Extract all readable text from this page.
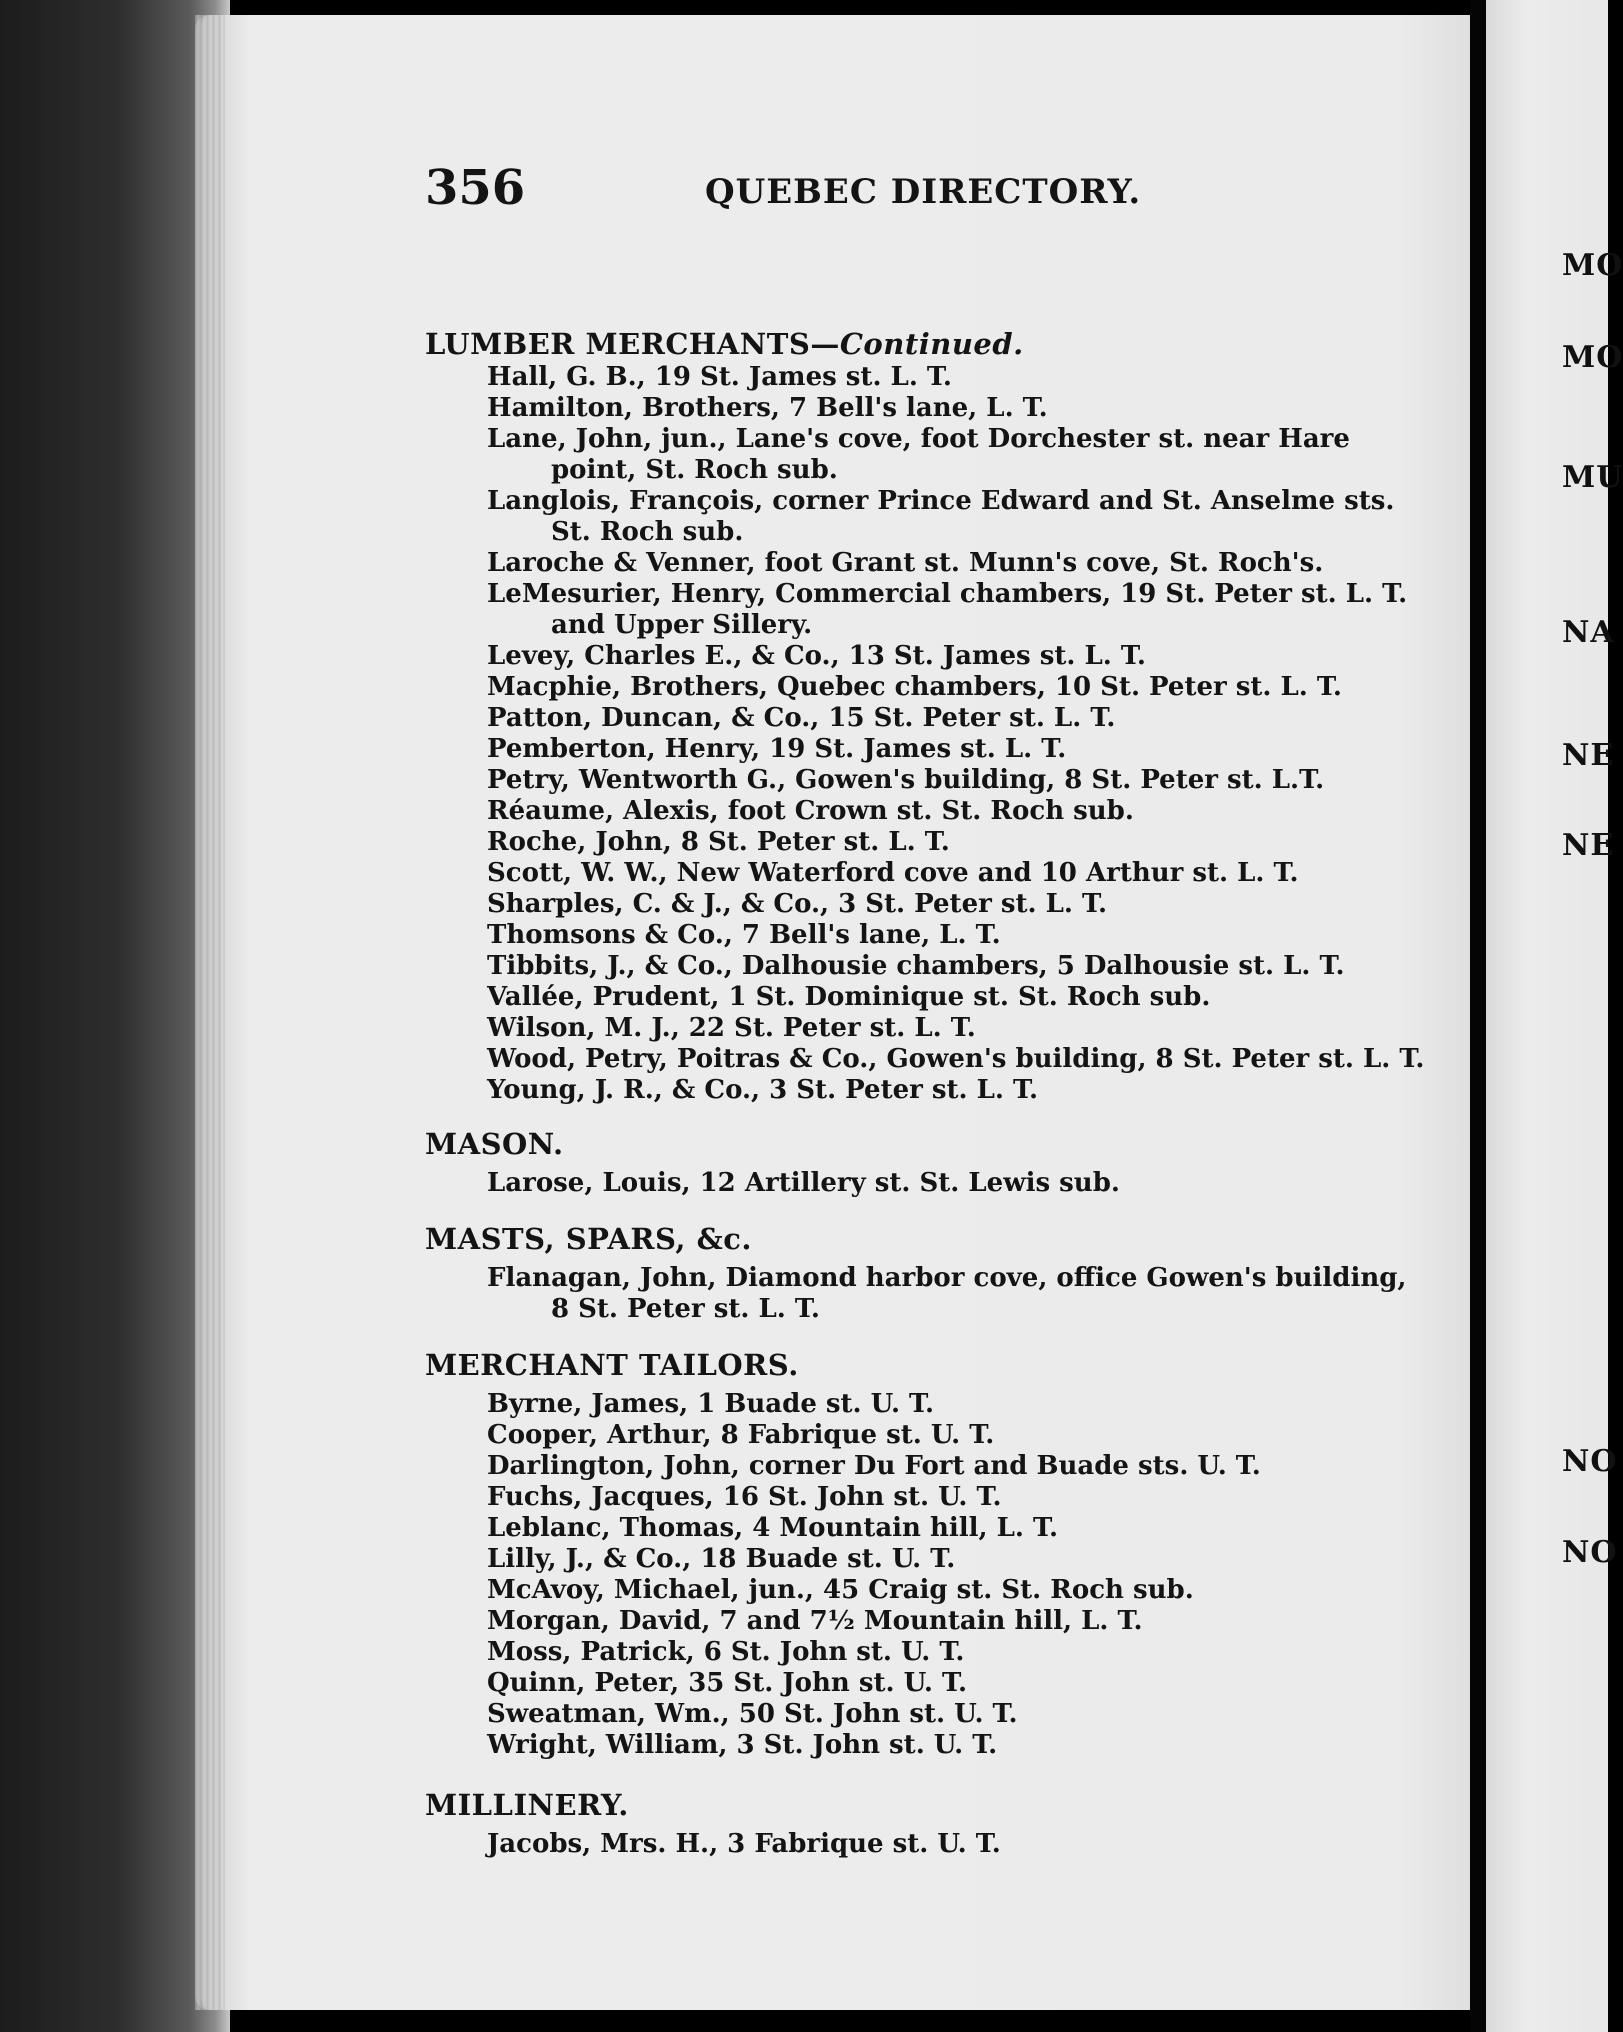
MO
MO
MU
NA
NE
NE
NO
NO
356	QUEBEC DIRECTORY.
LUMBER MERCHANTS—Continued.
Hall, G. B., 19 St. James st. L. T.
Hamilton, Brothers, 7 Bell's lane, L. T.
Lane, John, jun., Lane's cove, foot Dorchester st. near Hare point, St. Roch sub.
Langlois, François, corner Prince Edward and St. Anselme sts. St. Roch sub.
Laroche & Venner, foot Grant st. Munn's cove, St. Roch's.
LeMesurier, Henry, Commercial chambers, 19 St. Peter st. L. T. and Upper Sillery.
Levey, Charles E., & Co., 13 St. James st. L. T.
Macphie, Brothers, Quebec chambers, 10 St. Peter st. L. T.
Patton, Duncan, & Co., 15 St. Peter st. L. T.
Pemberton, Henry, 19 St. James st. L. T.
Petry, Wentworth G., Gowen's building, 8 St. Peter st. L.T.
Réaume, Alexis, foot Crown st. St. Roch sub.
Roche, John, 8 St. Peter st. L. T.
Scott, W. W., New Waterford cove and 10 Arthur st. L. T.
Sharples, C. & J., & Co., 3 St. Peter st. L. T.
Thomsons & Co., 7 Bell's lane, L. T.
Tibbits, J., & Co., Dalhousie chambers, 5 Dalhousie st. L. T.
Vallée, Prudent, 1 St. Dominique st. St. Roch sub.
Wilson, M. J., 22 St. Peter st. L. T.
Wood, Petry, Poitras & Co., Gowen's building, 8 St. Peter st. L. T.
Young, J. R., & Co., 3 St. Peter st. L. T.
MASON.
Larose, Louis, 12 Artillery st. St. Lewis sub.
MASTS, SPARS, &c.
Flanagan, John, Diamond harbor cove, office Gowen's building, 8 St. Peter st. L. T.
MERCHANT TAILORS.
Byrne, James, 1 Buade st. U. T.
Cooper, Arthur, 8 Fabrique st. U. T.
Darlington, John, corner Du Fort and Buade sts. U. T.
Fuchs, Jacques, 16 St. John st. U. T.
Leblanc, Thomas, 4 Mountain hill, L. T.
Lilly, J., & Co., 18 Buade st. U. T.
McAvoy, Michael, jun., 45 Craig st. St. Roch sub.
Morgan, David, 7 and 7½ Mountain hill, L. T.
Moss, Patrick, 6 St. John st. U. T.
Quinn, Peter, 35 St. John st. U. T.
Sweatman, Wm., 50 St. John st. U. T.
Wright, William, 3 St. John st. U. T.
MILLINERY.
Jacobs, Mrs. H., 3 Fabrique st. U. T.
